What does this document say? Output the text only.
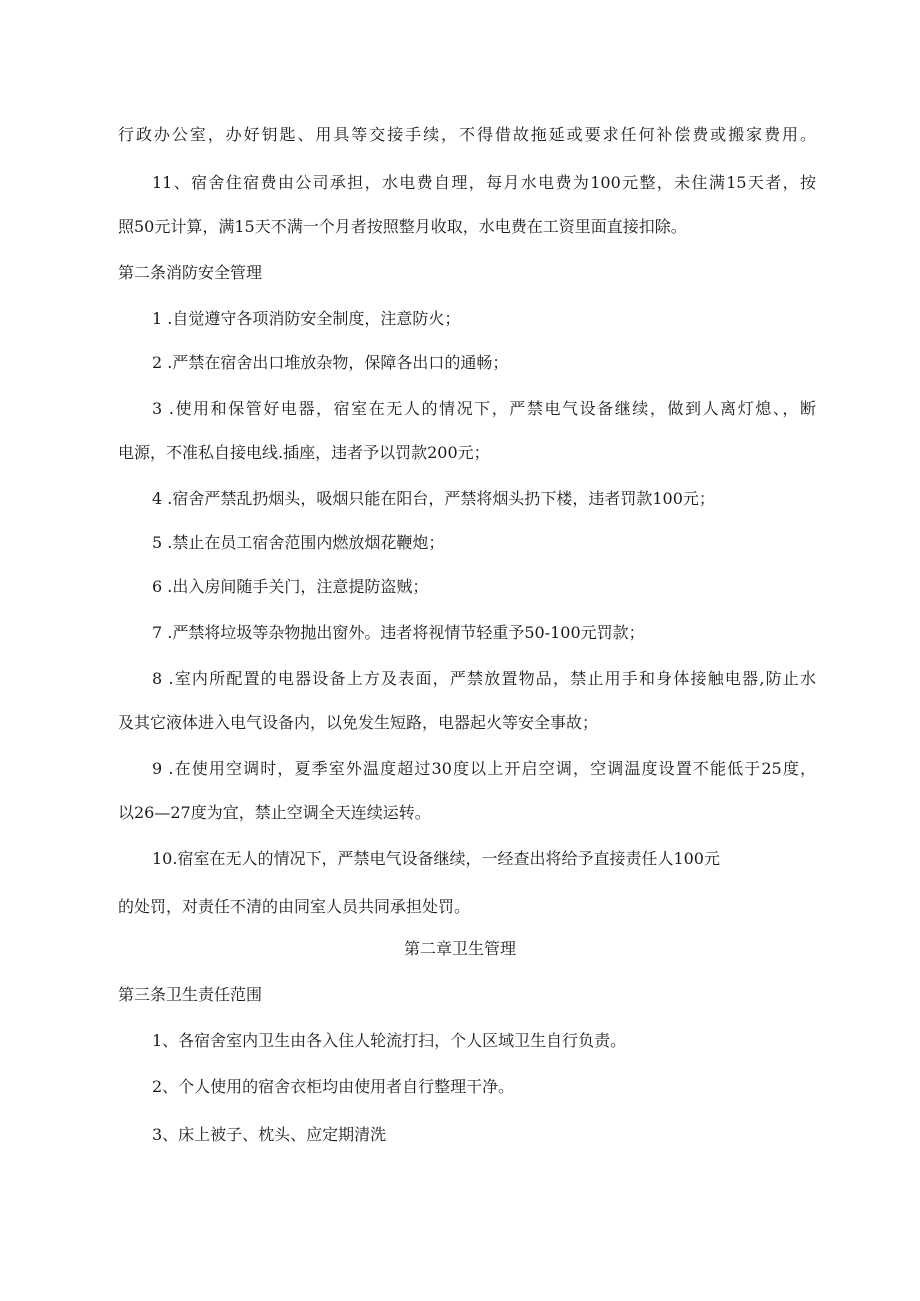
行政办公室，办好钥匙、用具等交接手续，不得借故拖延或要求任何补偿费或搬家费用。

11、宿舍住宿费由公司承担，水电费自理，每月水电费为100元整，未住满15天者，按

照50元计算，满15天不满一个月者按照整月收取，水电费在工资里面直接扣除。

第二条消防安全管理

1 .自觉遵守各项消防安全制度，注意防火；

2 .严禁在宿舍出口堆放杂物，保障各出口的通畅；

3 .使用和保管好电器，宿室在无人的情况下，严禁电气设备继续，做到人离灯熄、，断

电源，不准私自接电线.插座，违者予以罚款200元；

4 .宿舍严禁乱扔烟头，吸烟只能在阳台，严禁将烟头扔下楼，违者罚款100元；

5 .禁止在员工宿舍范围内燃放烟花鞭炮；

6 .出入房间随手关门，注意提防盗贼；

7 .严禁将垃圾等杂物抛出窗外。违者将视情节轻重予50-100元罚款；

8 .室内所配置的电器设备上方及表面，严禁放置物品，禁止用手和身体接触电器,防止水

及其它液体进入电气设备内，以免发生短路，电器起火等安全事故；

9 .在使用空调时，夏季室外温度超过30度以上开启空调，空调温度设置不能低于25度，

以26—27度为宜，禁止空调全天连续运转。

10.宿室在无人的情况下，严禁电气设备继续，一经查出将给予直接责任人100元

的处罚，对责任不清的由同室人员共同承担处罚。

第二章卫生管理

第三条卫生责任范围

1、各宿舍室内卫生由各入住人轮流打扫，个人区域卫生自行负责。

2、个人使用的宿舍衣柜均由使用者自行整理干净。

3、床上被子、枕头、应定期清洗
